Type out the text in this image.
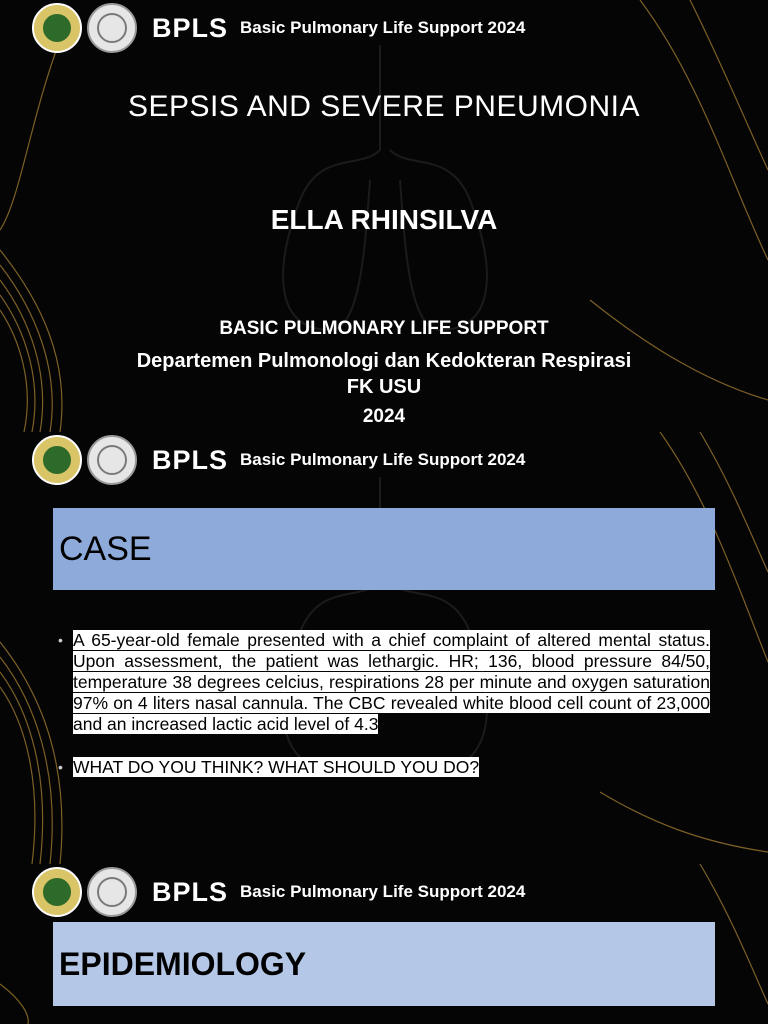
BPLS Basic Pulmonary Life Support 2024
SEPSIS AND SEVERE PNEUMONIA
ELLA RHINSILVA
BASIC PULMONARY LIFE SUPPORT
Departemen Pulmonologi dan Kedokteran Respirasi
FK USU
2024
BPLS Basic Pulmonary Life Support 2024
CASE
• A 65-year-old female presented with a chief complaint of altered mental status. Upon assessment, the patient was lethargic. HR; 136, blood pressure 84/50, temperature 38 degrees celcius, respirations 28 per minute and oxygen saturation 97% on 4 liters nasal cannula. The CBC revealed white blood cell count of 23,000 and an increased lactic acid level of 4.3
• WHAT DO YOU THINK? WHAT SHOULD YOU DO?
BPLS Basic Pulmonary Life Support 2024
EPIDEMIOLOGY
